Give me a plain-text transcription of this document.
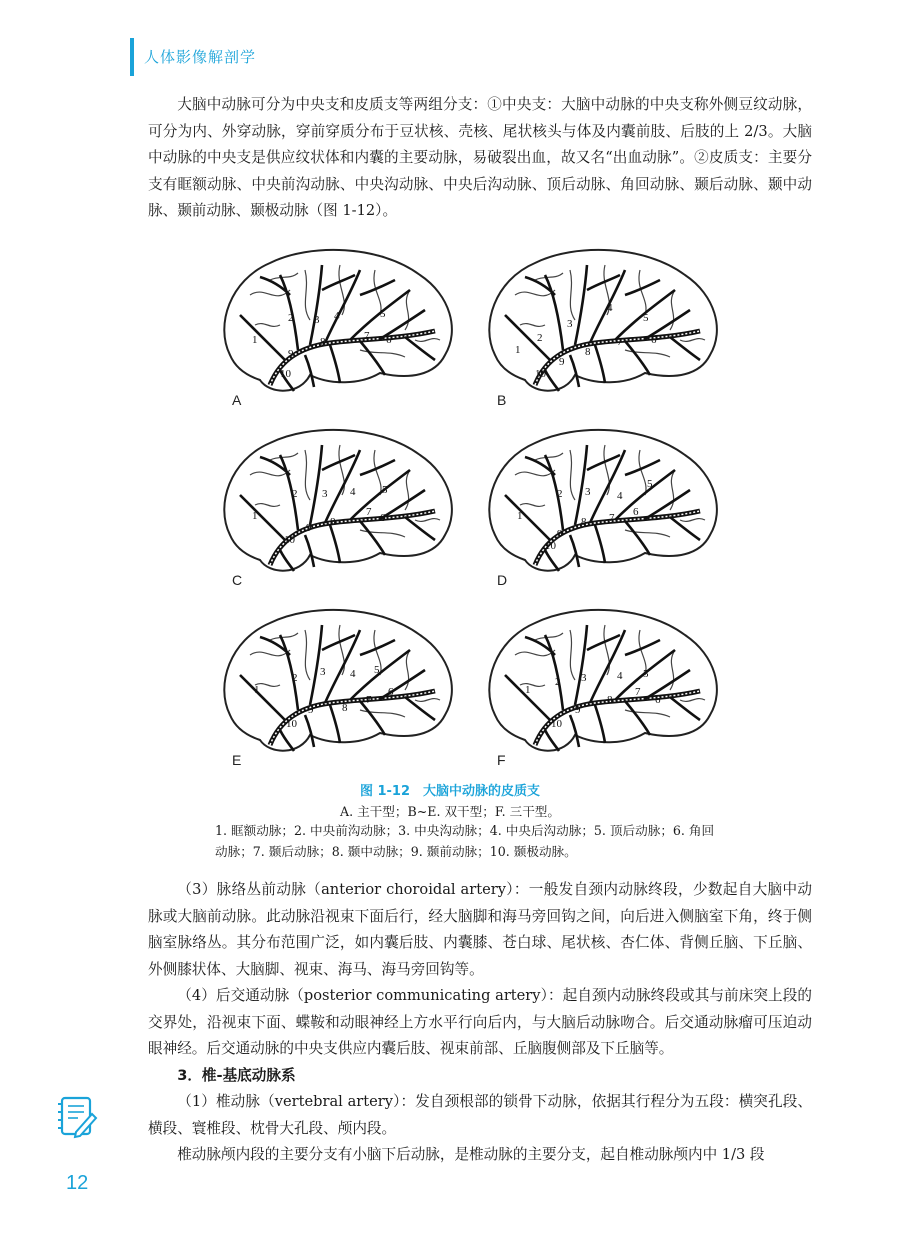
人体影像解剖学

大脑中动脉可分为中央支和皮质支等两组分支：①中央支：大脑中动脉的中央支称外侧豆纹动脉，可分为内、外穿动脉，穿前穿质分布于豆状核、壳核、尾状核头与体及内囊前肢、后肢的上 2/3。大脑中动脉的中央支是供应纹状体和内囊的主要动脉，易破裂出血，故又名“出血动脉”。②皮质支：主要分支有眶额动脉、中央前沟动脉、中央沟动脉、中央后沟动脉、顶后动脉、角回动脉、颞后动脉、颞中动脉、颞前动脉、颞极动脉（图 1-12）。

1
2 3 4	5
6
7
8
9
10
A
1
2
3
4
5
6
7
8
9
10
B
1
2 3 4 5
6
7
8
9
10
C
1
2 3 4
5
6
7
8
9
10
D
1
2 3 4 5
6
7
8
9
10
E
1
2 3	4 5
6
7
8
9
10
F
图 1-12　大脑中动脉的皮质支
A. 主干型；B~E. 双干型；F. 三干型。
1. 眶额动脉；2. 中央前沟动脉；3. 中央沟动脉；4. 中央后沟动脉；5. 顶后动脉；6. 角回动脉；7. 颞后动脉；8. 颞中动脉；9. 颞前动脉；10. 颞极动脉。

（3）脉络丛前动脉（anterior choroidal artery）：一般发自颈内动脉终段，少数起自大脑中动脉或大脑前动脉。此动脉沿视束下面后行，经大脑脚和海马旁回钩之间，向后进入侧脑室下角，终于侧脑室脉络丛。其分布范围广泛，如内囊后肢、内囊膝、苍白球、尾状核、杏仁体、背侧丘脑、下丘脑、外侧膝状体、大脑脚、视束、海马、海马旁回钩等。

（4）后交通动脉（posterior communicating artery）：起自颈内动脉终段或其与前床突上段的交界处，沿视束下面、蝶鞍和动眼神经上方水平行向后内，与大脑后动脉吻合。后交通动脉瘤可压迫动眼神经。后交通动脉的中央支供应内囊后肢、视束前部、丘脑腹侧部及下丘脑等。

3．椎-基底动脉系

（1）椎动脉（vertebral artery）：发自颈根部的锁骨下动脉，依据其行程分为五段：横突孔段、横段、寰椎段、枕骨大孔段、颅内段。

椎动脉颅内段的主要分支有小脑下后动脉，是椎动脉的主要分支，起自椎动脉颅内中 1/3 段

12
